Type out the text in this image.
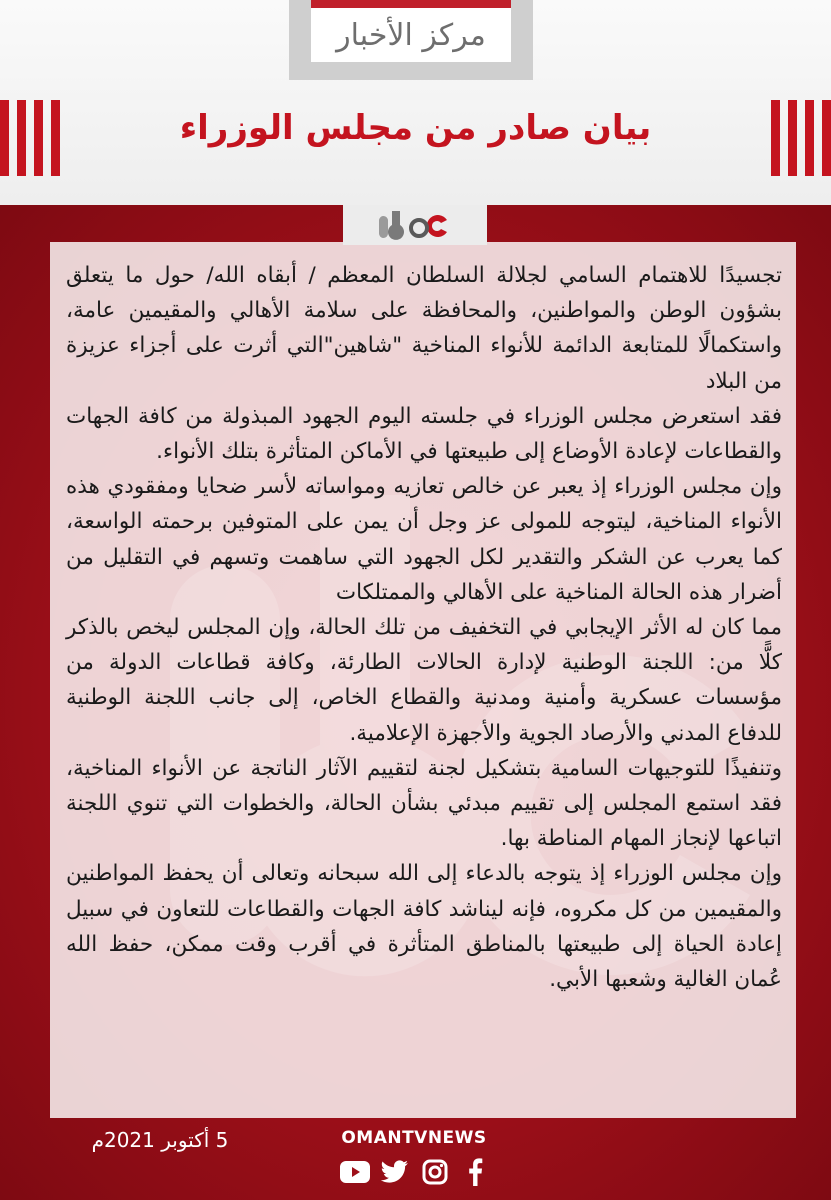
مركز الأخبار
بيان صادر من مجلس الوزراء

تجسيدًا للاهتمام السامي لجلالة السلطان المعظم / أبقاه الله/ حول ما يتعلق بشؤون الوطن والمواطنين، والمحافظة على سلامة الأهالي والمقيمين عامة، واستكمالًا للمتابعة الدائمة للأنواء المناخية "شاهين"التي أثرت على أجزاء عزيزة من البلاد

فقد استعرض مجلس الوزراء في جلسته اليوم الجهود المبذولة من كافة الجهات والقطاعات لإعادة الأوضاع إلى طبيعتها في الأماكن المتأثرة بتلك الأنواء.

وإن مجلس الوزراء إذ يعبر عن خالص تعازيه ومواساته لأسر ضحايا ومفقودي هذه الأنواء المناخية، ليتوجه للمولى عز وجل أن يمن على المتوفين برحمته الواسعة، كما يعرب عن الشكر والتقدير لكل الجهود التي ساهمت وتسهم في التقليل من أضرار هذه الحالة المناخية على الأهالي والممتلكات

مما كان له الأثر الإيجابي في التخفيف من تلك الحالة، وإن المجلس ليخص بالذكر كلًّا من: اللجنة الوطنية لإدارة الحالات الطارئة، وكافة قطاعات الدولة من مؤسسات عسكرية وأمنية ومدنية والقطاع الخاص، إلى جانب اللجنة الوطنية للدفاع المدني والأرصاد الجوية والأجهزة الإعلامية.

وتنفيذًا للتوجيهات السامية بتشكيل لجنة لتقييم الآثار الناتجة عن الأنواء المناخية، فقد استمع المجلس إلى تقييم مبدئي بشأن الحالة، والخطوات التي تنوي اللجنة اتباعها لإنجاز المهام المناطة بها.

وإن مجلس الوزراء إذ يتوجه بالدعاء إلى الله سبحانه وتعالى أن يحفظ المواطنين والمقيمين من كل مكروه، فإنه ليناشد كافة الجهات والقطاعات للتعاون في سبيل إعادة الحياة إلى طبيعتها بالمناطق المتأثرة في أقرب وقت ممكن، حفظ الله عُمان الغالية وشعبها الأبي.

5 أكتوبر 2021م	OMANTVNEWS
